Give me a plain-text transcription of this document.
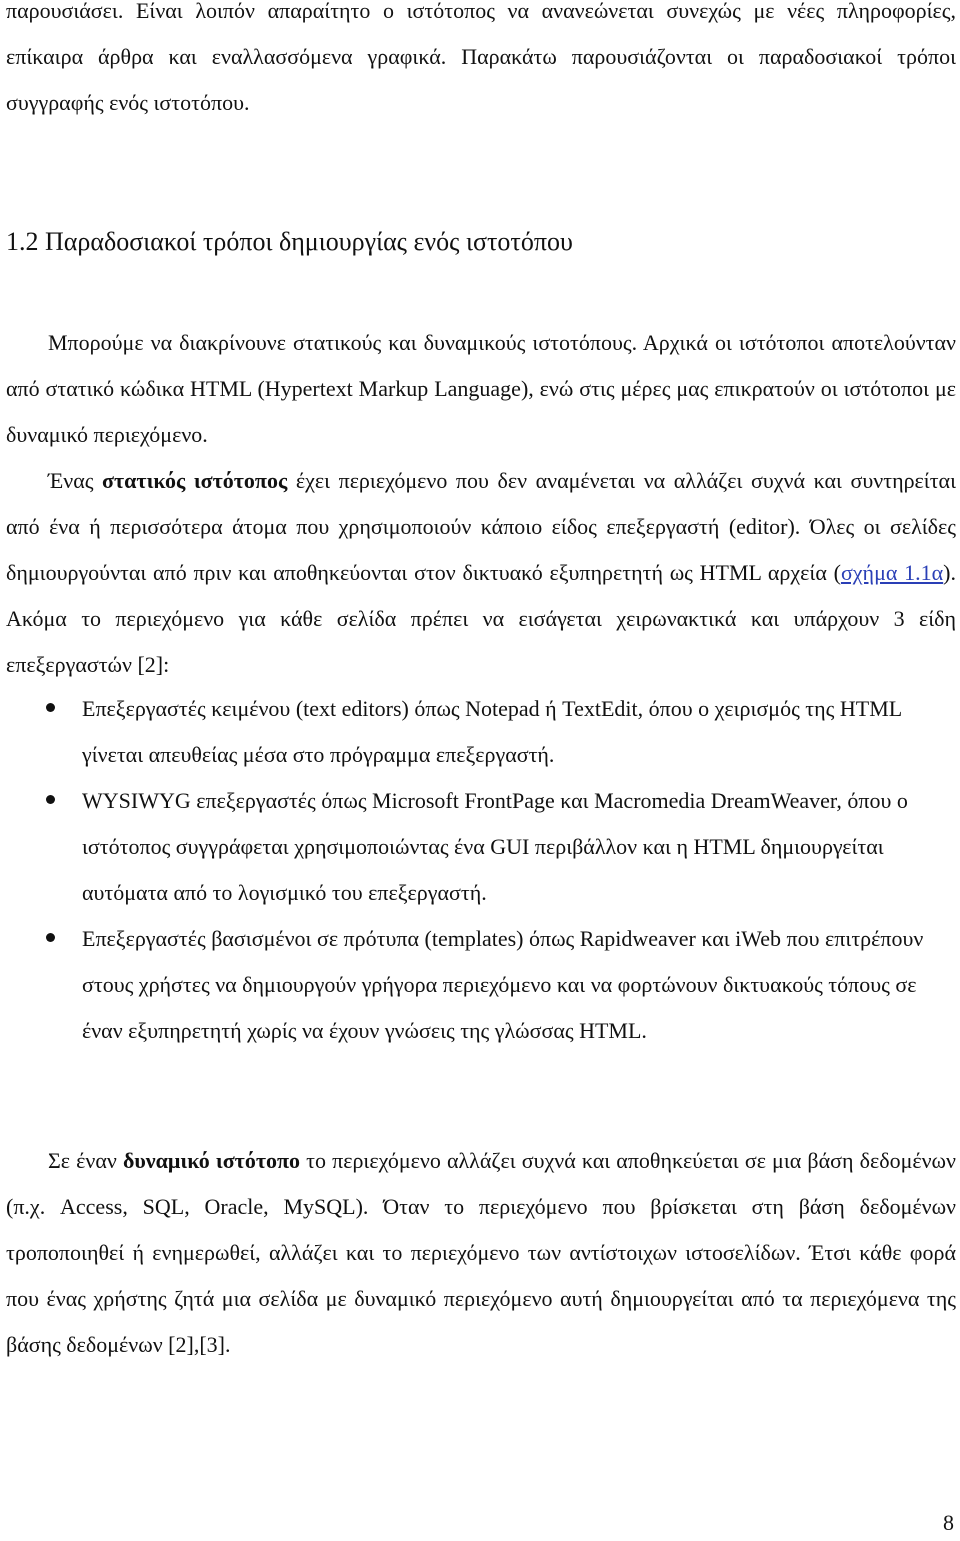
παρουσιάσει. Είναι λοιπόν απαραίτητο ο ιστότοπος να ανανεώνεται συνεχώς με νέες πληροφορίες, επίκαιρα άρθρα και εναλλασσόμενα γραφικά. Παρακάτω παρουσιάζονται οι παραδοσιακοί τρόποι συγγραφής ενός ιστοτόπου.

1.2 Παραδοσιακοί τρόποι δημιουργίας ενός ιστοτόπου

Μπορούμε να διακρίνουνε στατικούς και δυναμικούς ιστοτόπους. Αρχικά οι ιστότοποι αποτελούνταν από στατικό κώδικα HTML (Hypertext Markup Language), ενώ στις μέρες μας επικρατούν οι ιστότοποι με δυναμικό περιεχόμενο.

Ένας στατικός ιστότοπος έχει περιεχόμενο που δεν αναμένεται να αλλάζει συχνά και συντηρείται από ένα ή περισσότερα άτομα που χρησιμοποιούν κάποιο είδος επεξεργαστή (editor). Όλες οι σελίδες δημιουργούνται από πριν και αποθηκεύονται στον δικτυακό εξυπηρετητή ως HTML αρχεία (σχήμα 1.1α). Ακόμα το περιεχόμενο για κάθε σελίδα πρέπει να εισάγεται χειρωνακτικά και υπάρχουν 3 είδη επεξεργαστών [2]:

Επεξεργαστές κειμένου (text editors) όπως Notepad ή TextEdit, όπου ο χειρισμός της HTML γίνεται απευθείας μέσα στο πρόγραμμα επεξεργαστή.
WYSIWYG επεξεργαστές όπως Microsoft FrontPage και Macromedia DreamWeaver, όπου ο ιστότοπος συγγράφεται χρησιμοποιώντας ένα GUI περιβάλλον και η HTML δημιουργείται αυτόματα από το λογισμικό του επεξεργαστή.
Επεξεργαστές βασισμένοι σε πρότυπα (templates) όπως Rapidweaver και iWeb που επιτρέπουν στους χρήστες να δημιουργούν γρήγορα περιεχόμενο και να φορτώνουν δικτυακούς τόπους σε έναν εξυπηρετητή χωρίς να έχουν γνώσεις της γλώσσας HTML.

Σε έναν δυναμικό ιστότοπο το περιεχόμενο αλλάζει συχνά και αποθηκεύεται σε μια βάση δεδομένων (π.χ. Access, SQL, Oracle, MySQL). Όταν το περιεχόμενο που βρίσκεται στη βάση δεδομένων τροποποιηθεί ή ενημερωθεί, αλλάζει και το περιεχόμενο των αντίστοιχων ιστοσελίδων. Έτσι κάθε φορά που ένας χρήστης ζητά μια σελίδα με δυναμικό περιεχόμενο αυτή δημιουργείται από τα περιεχόμενα της βάσης δεδομένων [2],[3].

8
